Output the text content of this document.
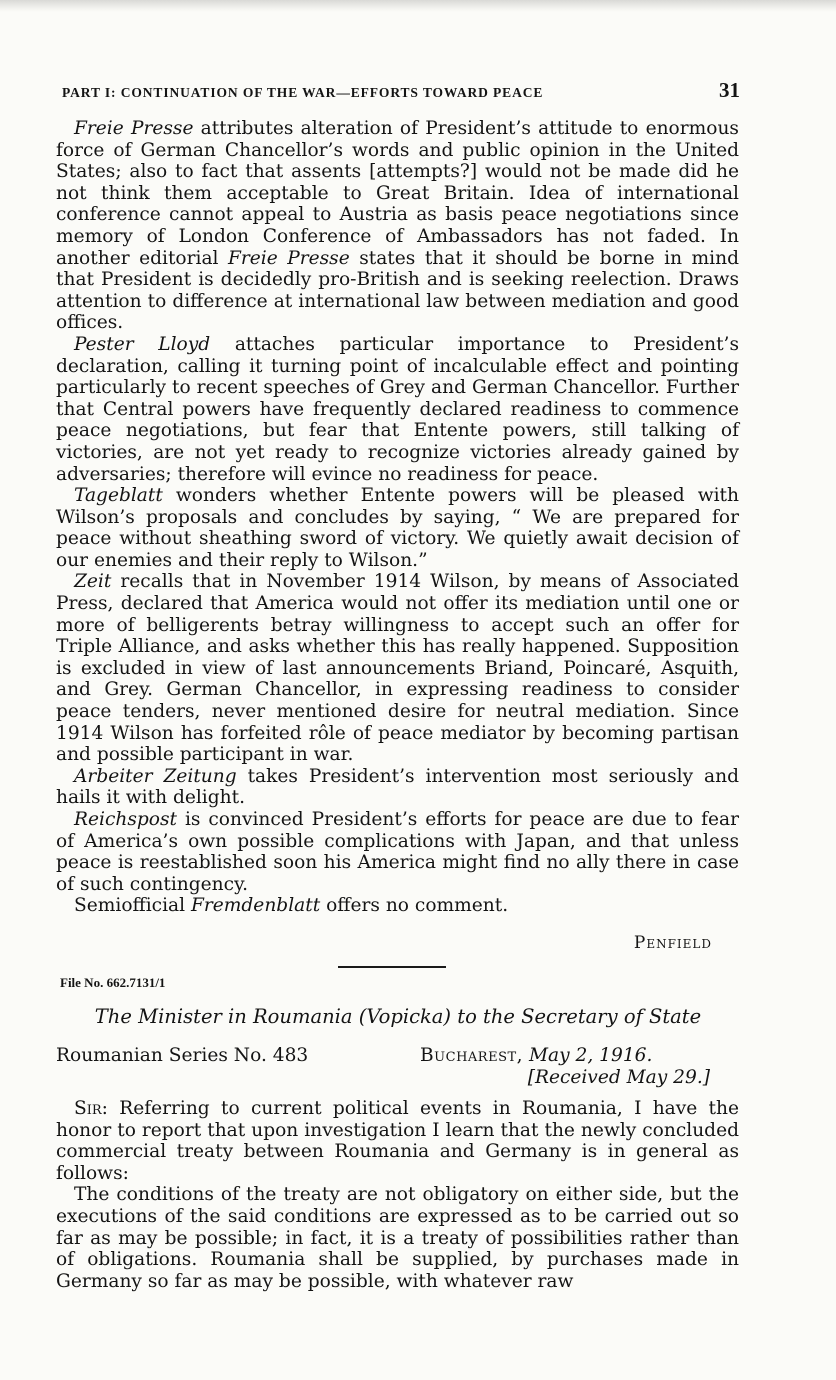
PART I: CONTINUATION OF THE WAR—EFFORTS TOWARD PEACE	31

Freie Presse attributes alteration of President’s attitude to enormous force of German Chancellor’s words and public opinion in the United States; also to fact that assents [attempts?] would not be made did he not think them acceptable to Great Britain. Idea of international conference cannot appeal to Austria as basis peace negotiations since memory of London Conference of Ambassadors has not faded. In another editorial Freie Presse states that it should be borne in mind that President is decidedly pro-British and is seeking reelection. Draws attention to difference at international law between mediation and good offices.

Pester Lloyd attaches particular importance to President’s declaration, calling it turning point of incalculable effect and pointing particularly to recent speeches of Grey and German Chancellor. Further that Central powers have frequently declared readiness to commence peace negotiations, but fear that Entente powers, still talking of victories, are not yet ready to recognize victories already gained by adversaries; therefore will evince no readiness for peace.

Tageblatt wonders whether Entente powers will be pleased with Wilson’s proposals and concludes by saying, “ We are prepared for peace without sheathing sword of victory. We quietly await decision of our enemies and their reply to Wilson.”

Zeit recalls that in November 1914 Wilson, by means of Associated Press, declared that America would not offer its mediation until one or more of belligerents betray willingness to accept such an offer for Triple Alliance, and asks whether this has really happened. Supposition is excluded in view of last announcements Briand, Poincaré, Asquith, and Grey. German Chancellor, in expressing readiness to consider peace tenders, never mentioned desire for neutral mediation. Since 1914 Wilson has forfeited rôle of peace mediator by becoming partisan and possible participant in war.

Arbeiter Zeitung takes President’s intervention most seriously and hails it with delight.

Reichspost is convinced President’s efforts for peace are due to fear of America’s own possible complications with Japan, and that unless peace is reestablished soon his America might find no ally there in case of such contingency.

Semiofficial Fremdenblatt offers no comment.

Penfield
File No. 662.7131/1
The Minister in Roumania (Vopicka) to the Secretary of State
Roumanian Series No. 483	Bucharest, May 2, 1916.
[Received May 29.]

Sir: Referring to current political events in Roumania, I have the honor to report that upon investigation I learn that the newly concluded commercial treaty between Roumania and Germany is in general as follows:

The conditions of the treaty are not obligatory on either side, but the executions of the said conditions are expressed as to be carried out so far as may be possible; in fact, it is a treaty of possibilities rather than of obligations. Roumania shall be supplied, by purchases made in Germany so far as may be possible, with whatever raw
